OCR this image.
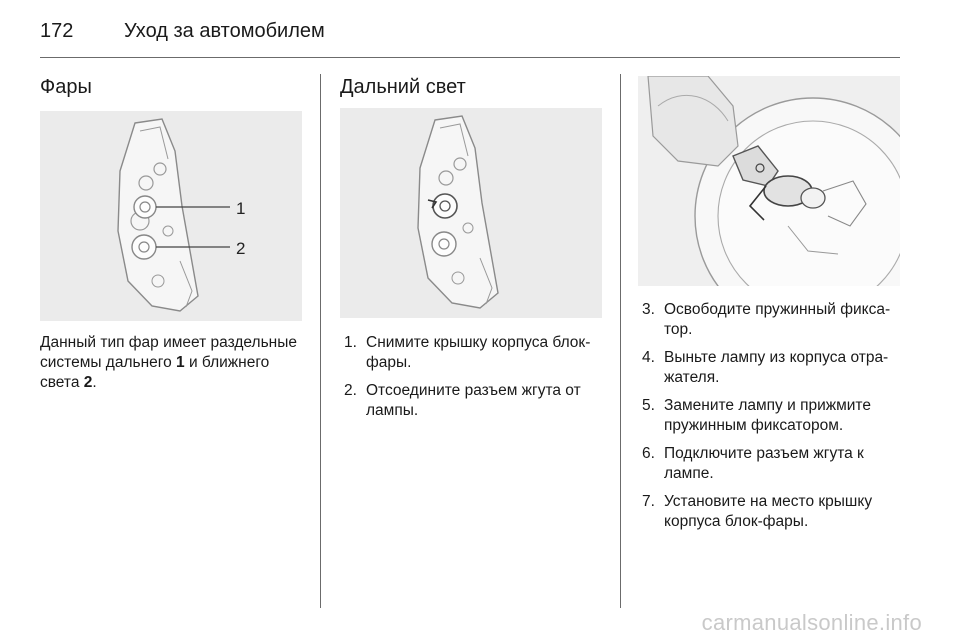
172	Уход за автомобилем
Фары
1
2
Данный тип фар имеет раздельные системы дальнего 1 и ближнего света 2.
Дальний свет
1. Снимите крышку корпуса блок-фары.
2. Отсоедините разъем жгута от лампы.
3. Освободите пружинный фикса-тор.
4. Выньте лампу из корпуса отра-жателя.
5. Замените лампу и прижмите пружинным фиксатором.
6. Подключите разъем жгута к лампе.
7. Установите на место крышку корпуса блок-фары.
carmanualsonline.info
